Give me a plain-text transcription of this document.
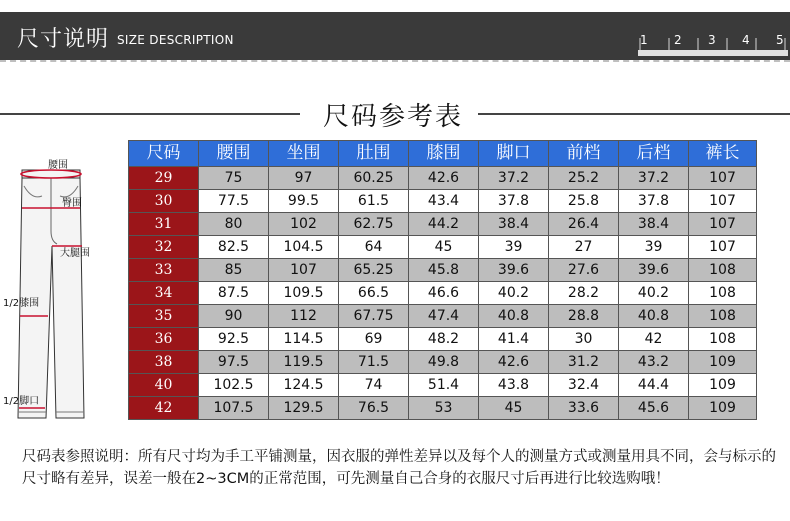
尺寸说明 SIZE DESCRIPTION	1 2 3 4 5
尺码参考表
腰围
臀围
大腿围
1/2膝围
1/2脚口
尺码	腰围	坐围	肚围	膝围	脚口	前档	后档	裤长
29	75	97	60.25	42.6	37.2	25.2	37.2	107
30	77.5	99.5	61.5	43.4	37.8	25.8	37.8	107
31	80	102	62.75	44.2	38.4	26.4	38.4	107
32	82.5	104.5	64	45	39	27	39	107
33	85	107	65.25	45.8	39.6	27.6	39.6	108
34	87.5	109.5	66.5	46.6	40.2	28.2	40.2	108
35	90	112	67.75	47.4	40.8	28.8	40.8	108
36	92.5	114.5	69	48.2	41.4	30	42	108
38	97.5	119.5	71.5	49.8	42.6	31.2	43.2	109
40	102.5	124.5	74	51.4	43.8	32.4	44.4	109
42	107.5	129.5	76.5	53	45	33.6	45.6	109
尺码表参照说明：所有尺寸均为手工平铺测量，因衣服的弹性差异以及每个人的测量方式或测量用具不同，会与标示的尺寸略有差异，误差一般在2~3CM的正常范围，可先测量自己合身的衣服尺寸后再进行比较选购哦！
